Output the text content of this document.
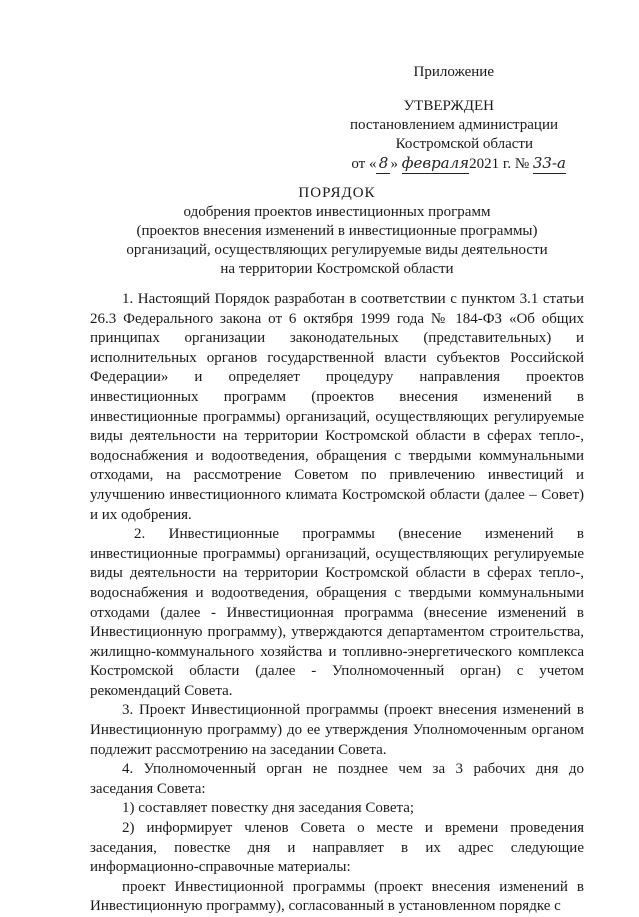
Приложение
УТВЕРЖДЕН
постановлением администрации
Костромской области
от « 8 » февраля2021 г. № 33-а
ПОРЯДОК
одобрения проектов инвестиционных программ
(проектов внесения изменений в инвестиционные программы)
организаций, осуществляющих регулируемые виды деятельности
на территории Костромской области

1. Настоящий Порядок разработан в соответствии с пунктом 3.1 статьи 26.3 Федерального закона от 6 октября 1999 года № 184-ФЗ «Об общих принципах организации законодательных (представительных) и исполнительных органов государственной власти субъектов Российской Федерации» и определяет процедуру направления проектов инвестиционных программ (проектов внесения изменений в инвестиционные программы) организаций, осуществляющих регулируемые виды деятельности на территории Костромской области в сферах тепло-, водоснабжения и водоотведения, обращения с твердыми коммунальными отходами, на рассмотрение Советом по привлечению инвестиций и улучшению инвестиционного климата Костромской области (далее – Совет) и их одобрения.

2. Инвестиционные программы (внесение изменений в инвестиционные программы) организаций, осуществляющих регулируемые виды деятельности на территории Костромской области в сферах тепло-, водоснабжения и водоотведения, обращения с твердыми коммунальными отходами (далее - Инвестиционная программа (внесение изменений в Инвестиционную программу), утверждаются департаментом строительства, жилищно-коммунального хозяйства и топливно-энергетического комплекса Костромской области (далее - Уполномоченный орган) с учетом рекомендаций Совета.

3. Проект Инвестиционной программы (проект внесения изменений в Инвестиционную программу) до ее утверждения Уполномоченным органом подлежит рассмотрению на заседании Совета.

4. Уполномоченный орган не позднее чем за 3 рабочих дня до заседания Совета:

1) составляет повестку дня заседания Совета;

2) информирует членов Совета о месте и времени проведения заседания, повестке дня и направляет в их адрес следующие информационно-справочные материалы:

проект Инвестиционной программы (проект внесения изменений в Инвестиционную программу), согласованный в установленном порядке с
